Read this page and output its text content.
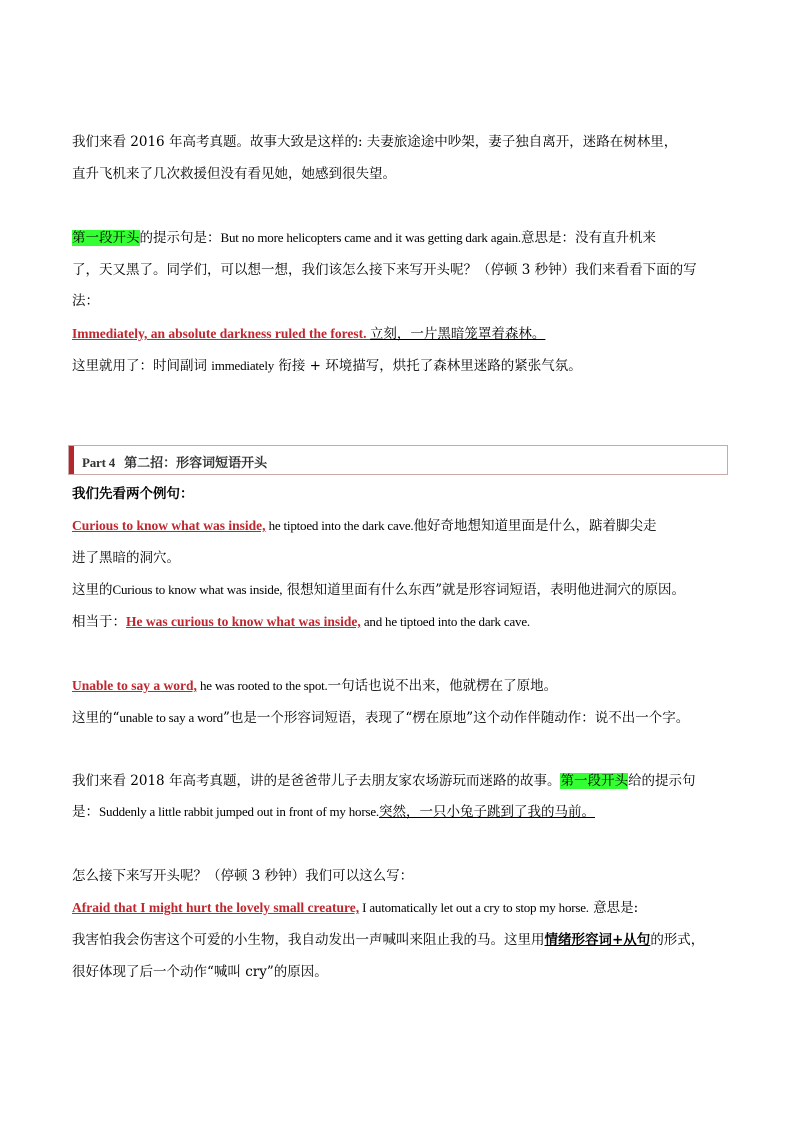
我们来看 2016 年高考真题。故事大致是这样的: 夫妻旅途途中吵架，妻子独自离开，迷路在树林里，
直升飞机来了几次救援但没有看见她，她感到很失望。
第一段开头的提示句是：But no more helicopters came and it was getting dark again.意思是：没有直升机来
了，天又黑了。同学们，可以想一想，我们该怎么接下来写开头呢？（停顿 3 秒钟）我们来看看下面的写
法：
Immediately, an absolute darkness ruled the forest. 立刻，一片黑暗笼罩着森林。
这里就用了：时间副词 immediately 衔接 + 环境描写，烘托了森林里迷路的紧张气氛。
Part 4 第二招：形容词短语开头
我们先看两个例句：
Curious to know what was inside, he tiptoed into the dark cave.他好奇地想知道里面是什么，踮着脚尖走
进了黑暗的洞穴。
这里的Curious to know what was inside, 很想知道里面有什么东西”就是形容词短语，表明他进洞穴的原因。
相当于：He was curious to know what was inside, and he tiptoed into the dark cave.
Unable to say a word, he was rooted to the spot.一句话也说不出来，他就楞在了原地。
这里的“unable to say a word”也是一个形容词短语，表现了“楞在原地”这个动作伴随动作：说不出一个字。
我们来看 2018 年高考真题，讲的是爸爸带儿子去朋友家农场游玩而迷路的故事。第一段开头给的提示句
是：Suddenly a little rabbit jumped out in front of my horse.突然，一只小兔子跳到了我的马前。
怎么接下来写开头呢？（停顿 3 秒钟）我们可以这么写：
Afraid that I might hurt the lovely small creature, I automatically let out a cry to stop my horse. 意思是:
我害怕我会伤害这个可爱的小生物，我自动发出一声喊叫来阻止我的马。这里用情绪形容词+从句的形式，
很好体现了后一个动作“喊叫 cry”的原因。
